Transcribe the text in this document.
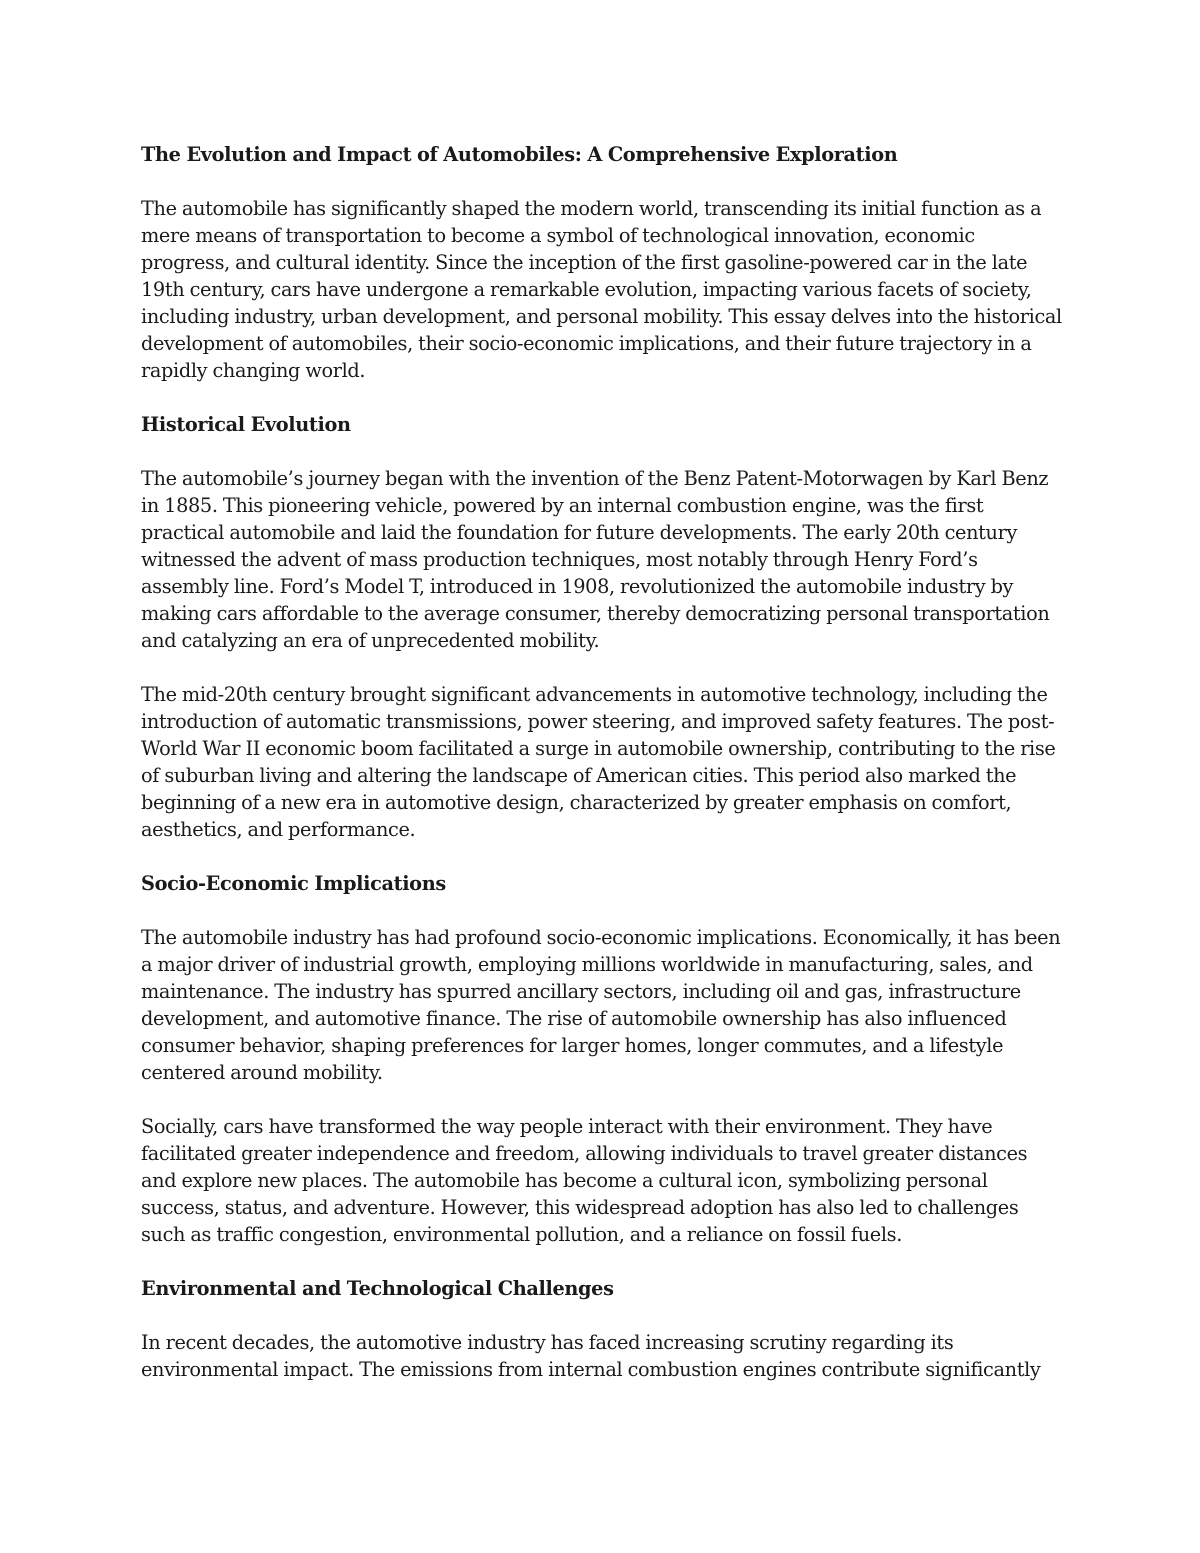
The Evolution and Impact of Automobiles: A Comprehensive Exploration

The automobile has significantly shaped the modern world, transcending its initial function as a mere means of transportation to become a symbol of technological innovation, economic progress, and cultural identity. Since the inception of the first gasoline-powered car in the late 19th century, cars have undergone a remarkable evolution, impacting various facets of society, including industry, urban development, and personal mobility. This essay delves into the historical development of automobiles, their socio-economic implications, and their future trajectory in a rapidly changing world.

Historical Evolution

The automobile’s journey began with the invention of the Benz Patent-Motorwagen by Karl Benz in 1885. This pioneering vehicle, powered by an internal combustion engine, was the first practical automobile and laid the foundation for future developments. The early 20th century witnessed the advent of mass production techniques, most notably through Henry Ford’s assembly line. Ford’s Model T, introduced in 1908, revolutionized the automobile industry by making cars affordable to the average consumer, thereby democratizing personal transportation and catalyzing an era of unprecedented mobility.

The mid-20th century brought significant advancements in automotive technology, including the introduction of automatic transmissions, power steering, and improved safety features. The post-World War II economic boom facilitated a surge in automobile ownership, contributing to the rise of suburban living and altering the landscape of American cities. This period also marked the beginning of a new era in automotive design, characterized by greater emphasis on comfort, aesthetics, and performance.

Socio-Economic Implications

The automobile industry has had profound socio-economic implications. Economically, it has been a major driver of industrial growth, employing millions worldwide in manufacturing, sales, and maintenance. The industry has spurred ancillary sectors, including oil and gas, infrastructure development, and automotive finance. The rise of automobile ownership has also influenced consumer behavior, shaping preferences for larger homes, longer commutes, and a lifestyle centered around mobility.

Socially, cars have transformed the way people interact with their environment. They have facilitated greater independence and freedom, allowing individuals to travel greater distances and explore new places. The automobile has become a cultural icon, symbolizing personal success, status, and adventure. However, this widespread adoption has also led to challenges such as traffic congestion, environmental pollution, and a reliance on fossil fuels.

Environmental and Technological Challenges

In recent decades, the automotive industry has faced increasing scrutiny regarding its environmental impact. The emissions from internal combustion engines contribute significantly
